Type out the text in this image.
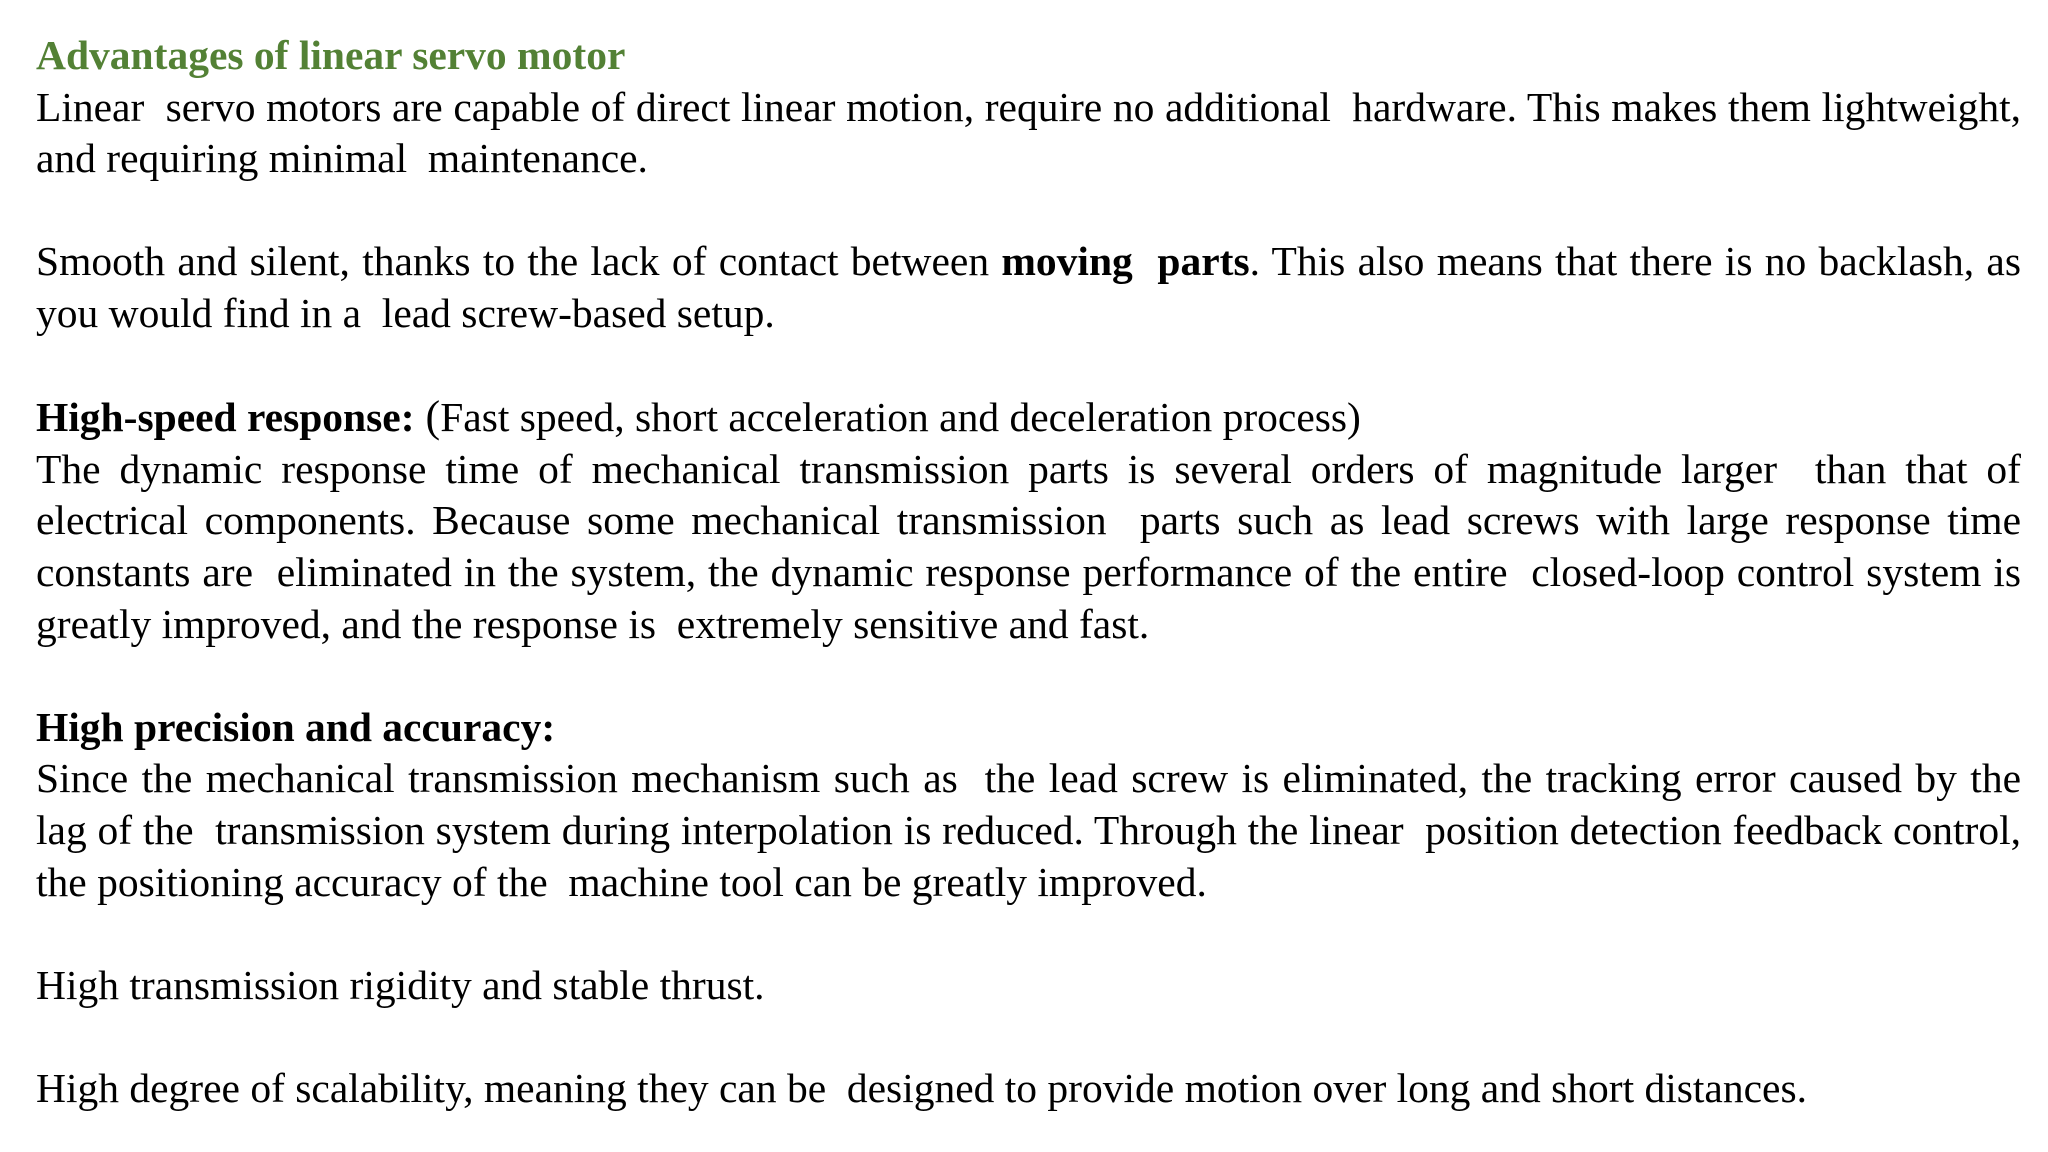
Advantages of linear servo motor

Linear  servo motors are capable of direct linear motion, require no additional  hardware. This makes them lightweight, and requiring minimal  maintenance.

Smooth and silent, thanks to the lack of contact between moving  parts. This also means that there is no backlash, as you would find in a  lead screw-based setup.

High-speed response: (Fast speed, short acceleration and deceleration process)

The dynamic response time of mechanical transmission parts is several orders of magnitude larger  than that of electrical components. Because some mechanical transmission  parts such as lead screws with large response time constants are  eliminated in the system, the dynamic response performance of the entire  closed-loop control system is greatly improved, and the response is  extremely sensitive and fast.

High precision and accuracy:

Since the mechanical transmission mechanism such as  the lead screw is eliminated, the tracking error caused by the lag of the  transmission system during interpolation is reduced. Through the linear  position detection feedback control, the positioning accuracy of the  machine tool can be greatly improved.

High transmission rigidity and stable thrust.

High degree of scalability, meaning they can be  designed to provide motion over long and short distances.
